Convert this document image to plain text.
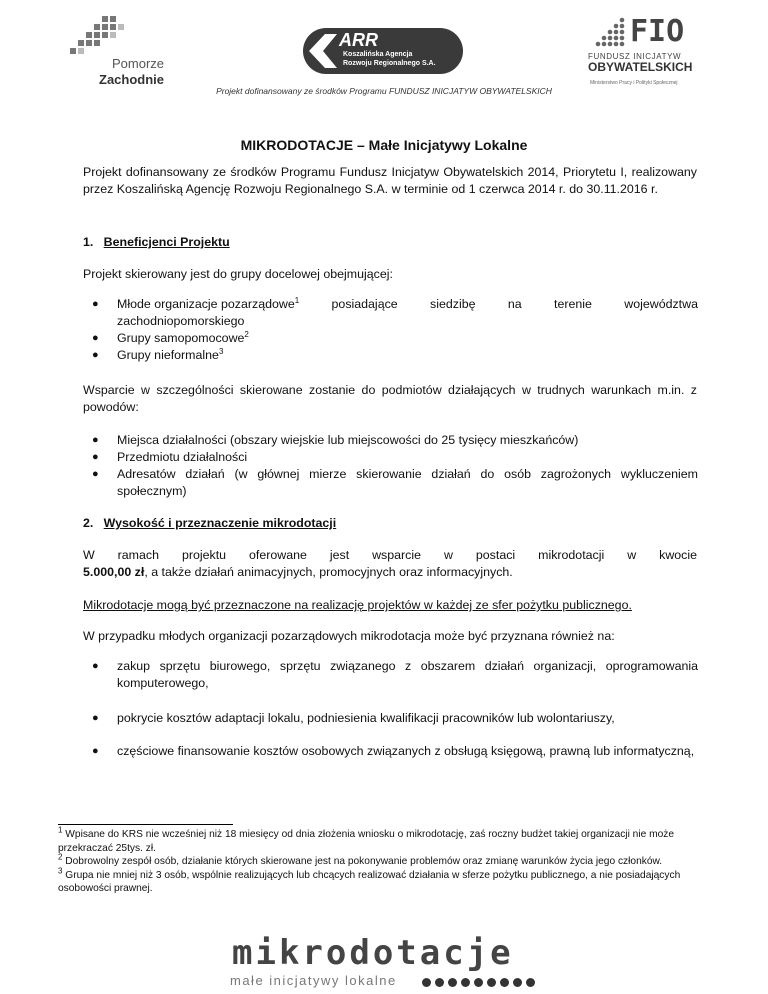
Pomorze
Zachodnie
ARR
Koszalińska Agencja
Rozwoju Regionalnego S.A.
FIO
FUNDUSZ INICJATYW
OBYWATELSKICH
Ministerstwo Pracy i Polityki Społecznej
Projekt dofinansowany ze środków Programu FUNDUSZ INICJATYW OBYWATELSKICH
MIKRODOTACJE – Małe Inicjatywy Lokalne
Projekt dofinansowany ze środków Programu Fundusz Inicjatyw Obywatelskich 2014, Priorytetu I, realizowany przez Koszalińską Agencję Rozwoju Regionalnego S.A. w terminie od 1 czerwca 2014 r. do 30.11.2016 r.
1. Beneficjenci Projektu
Projekt skierowany jest do grupy docelowej obejmującej:
● Młode organizacje pozarządowe$^1$	posiadające	siedzibę	na	terenie	województwa
zachodniopomorskiego
● Grupy samopomocowe$^2$
● Grupy nieformalne$^3$
Wsparcie w szczególności skierowane zostanie do podmiotów działających w trudnych warunkach m.in. z powodów:
● Miejsca działalności (obszary wiejskie lub miejscowości do 25 tysięcy mieszkańców)
● Przedmiotu działalności
● Adresatów działań (w głównej mierze skierowanie działań do osób zagrożonych wykluczeniem społecznym)
2. Wysokość i przeznaczenie mikrodotacji
W ramach projektu oferowane jest wsparcie w postaci mikrodotacji w kwocie
5.000,00 zł, a także działań animacyjnych, promocyjnych oraz informacyjnych.
Mikrodotacje mogą być przeznaczone na realizację projektów w każdej ze sfer pożytku publicznego.
W przypadku młodych organizacji pozarządowych mikrodotacja może być przyznana również na:
● zakup sprzętu biurowego, sprzętu związanego z obszarem działań organizacji, oprogramowania komputerowego,
● pokrycie kosztów adaptacji lokalu, podniesienia kwalifikacji pracowników lub wolontariuszy,
● częściowe finansowanie kosztów osobowych związanych z obsługą księgową, prawną lub informatyczną,
$^1$ Wpisane do KRS nie wcześniej niż 18 miesięcy od dnia złożenia wniosku o mikrodotację, zaś roczny budżet takiej organizacji nie może przekraczać 25tys. zł.
$^2$ Dobrowolny zespół osób, działanie których skierowane jest na pokonywanie problemów oraz zmianę warunków życia jego członków.
$^3$ Grupa nie mniej niż 3 osób, wspólnie realizujących lub chcących realizować działania w sferze pożytku publicznego, a nie posiadających osobowości prawnej.
mikrodotacje
małe inicjatywy lokalne
